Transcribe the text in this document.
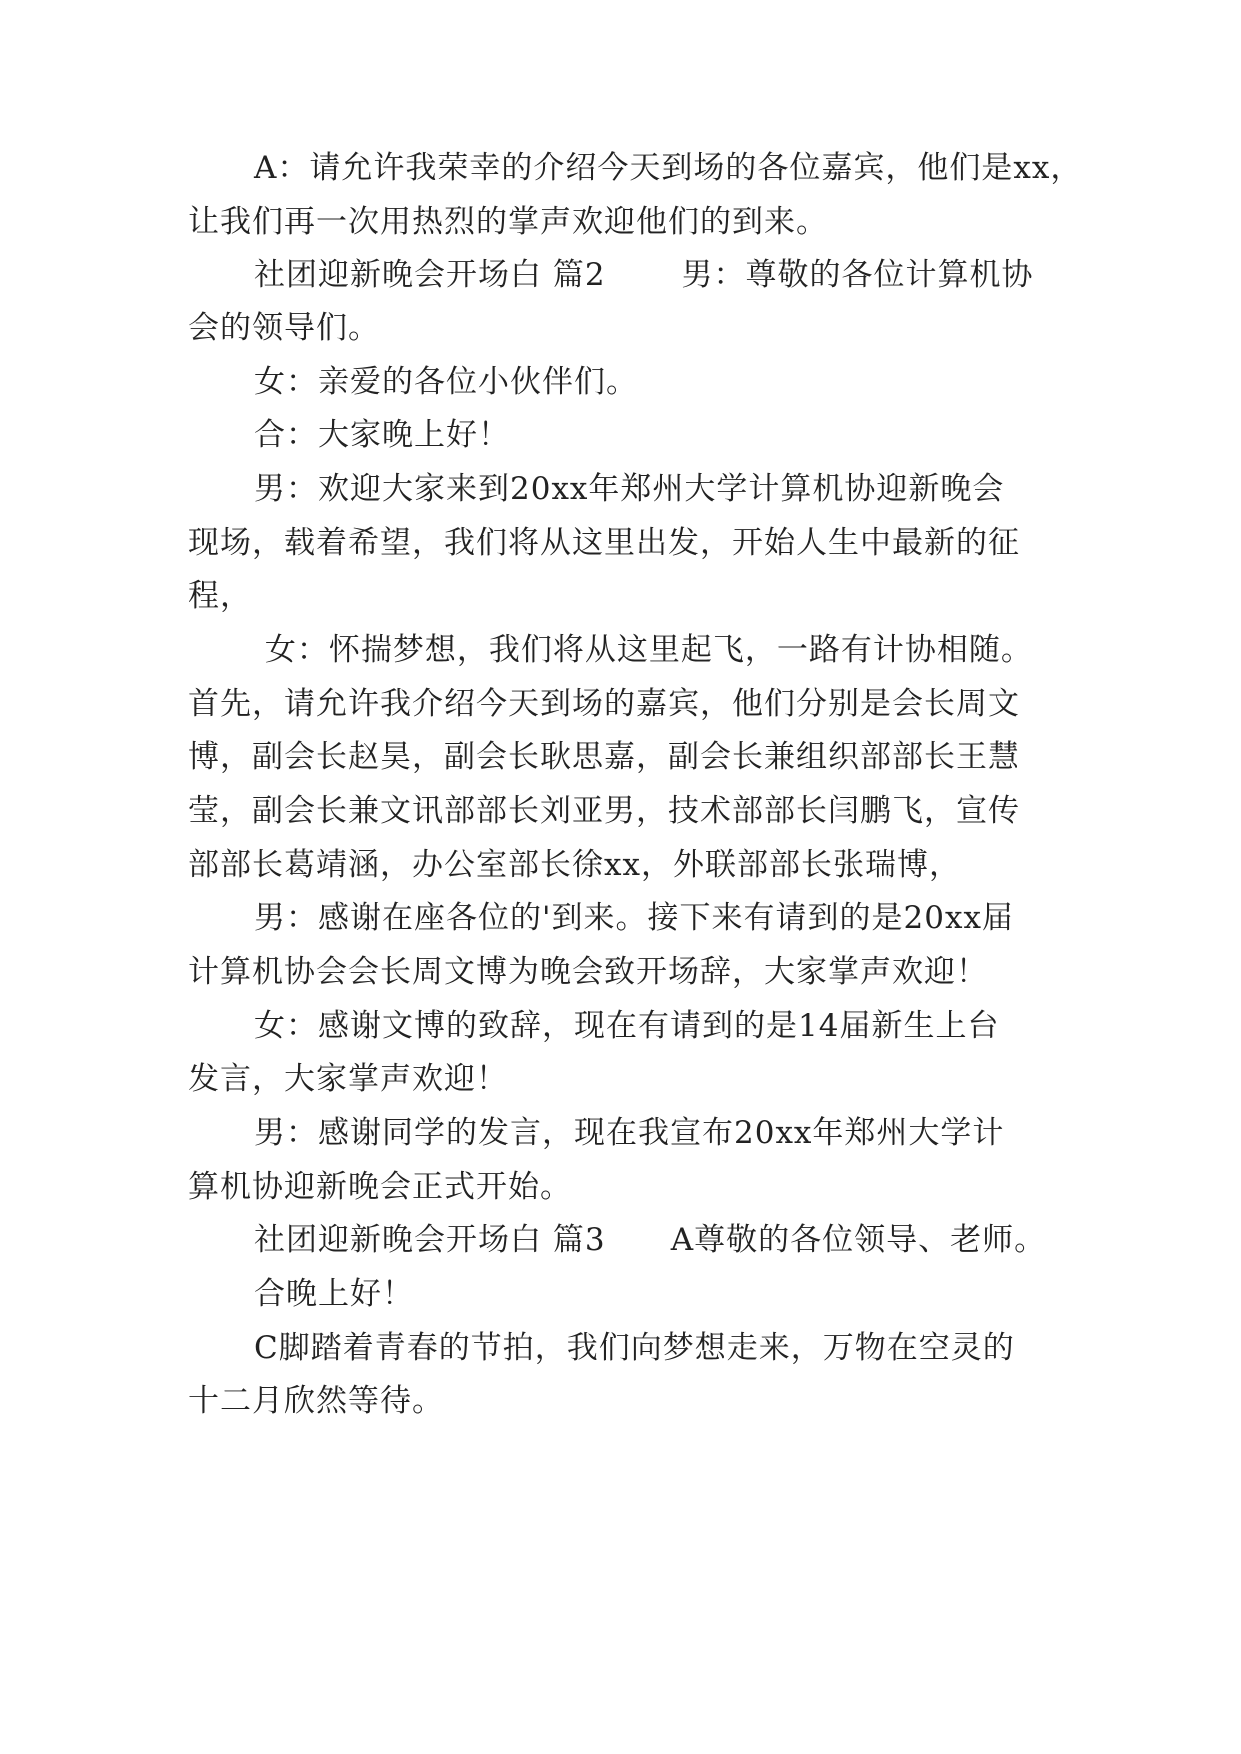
A：请允许我荣幸的介绍今天到场的各位嘉宾，他们是xx，
让我们再一次用热烈的掌声欢迎他们的到来。
社团迎新晚会开场白 篇2       男：尊敬的各位计算机协
会的领导们。
女：亲爱的各位小伙伴们。
合：大家晚上好！
男：欢迎大家来到20xx年郑州大学计算机协迎新晚会
现场，载着希望，我们将从这里出发，开始人生中最新的征
程，
女：怀揣梦想，我们将从这里起飞，一路有计协相随。
首先，请允许我介绍今天到场的嘉宾，他们分别是会长周文
博，副会长赵昊，副会长耿思嘉，副会长兼组织部部长王慧
莹，副会长兼文讯部部长刘亚男，技术部部长闫鹏飞，宣传
部部长葛靖涵，办公室部长徐xx，外联部部长张瑞博，
男：感谢在座各位的'到来。接下来有请到的是20xx届
计算机协会会长周文博为晚会致开场辞，大家掌声欢迎！
女：感谢文博的致辞，现在有请到的是14届新生上台
发言，大家掌声欢迎！
男：感谢同学的发言，现在我宣布20xx年郑州大学计
算机协迎新晚会正式开始。
社团迎新晚会开场白 篇3      A尊敬的各位领导、老师。
合晚上好！
C脚踏着青春的节拍，我们向梦想走来，万物在空灵的
十二月欣然等待。
